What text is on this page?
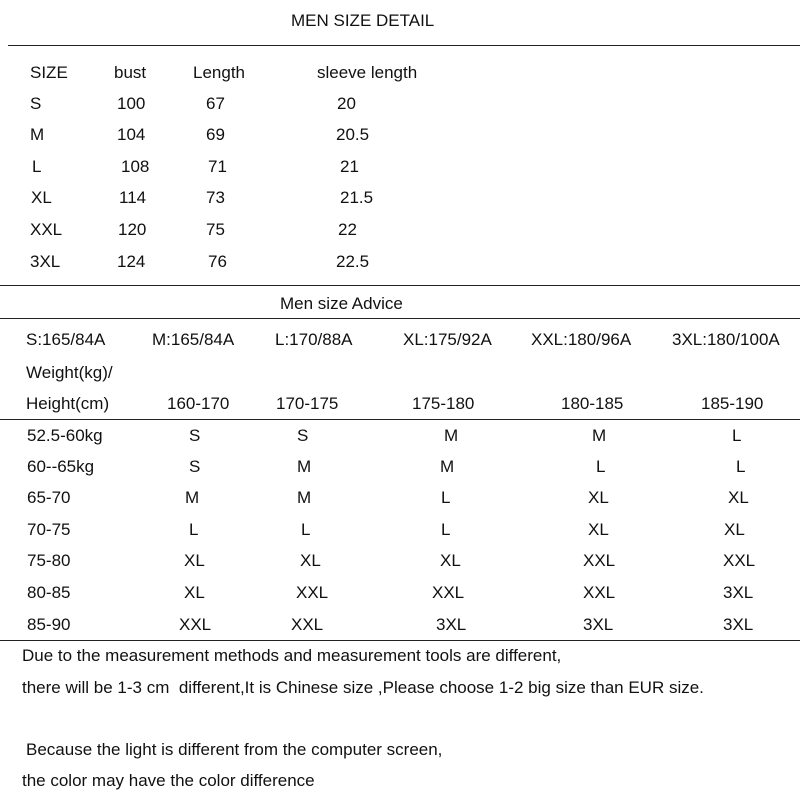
MEN SIZE DETAIL
SIZE	bust	Length	sleeve length
S	100	67	20
M	104	69	20.5
L	108	71	21
XL	114	73	21.5
XXL	120	75	22
3XL	124	76	22.5
Men size Advice
S:165/84A	M:165/84A L:170/88A	XL:175/92A XXL:180/96A 3XL:180/100A
Weight(kg)/
Height(cm)	160-170	170-175	175-180	180-185	185-190
52.5-60kg	S	S	M	M	L
60--65kg	S	M	M	L	L
65-70	M	M	L	XL	XL
70-75	L	L	L	XL	XL
75-80	XL	XL	XL	XXL	XXL
80-85	XL	XXL	XXL	XXL	3XL
85-90	XXL	XXL	3XL	3XL	3XL
Due to the measurement methods and measurement tools are different,
there will be 1-3 cm  different,It is Chinese size ,Please choose 1-2 big size than EUR size.
Because the light is different from the computer screen,
the color may have the color difference
